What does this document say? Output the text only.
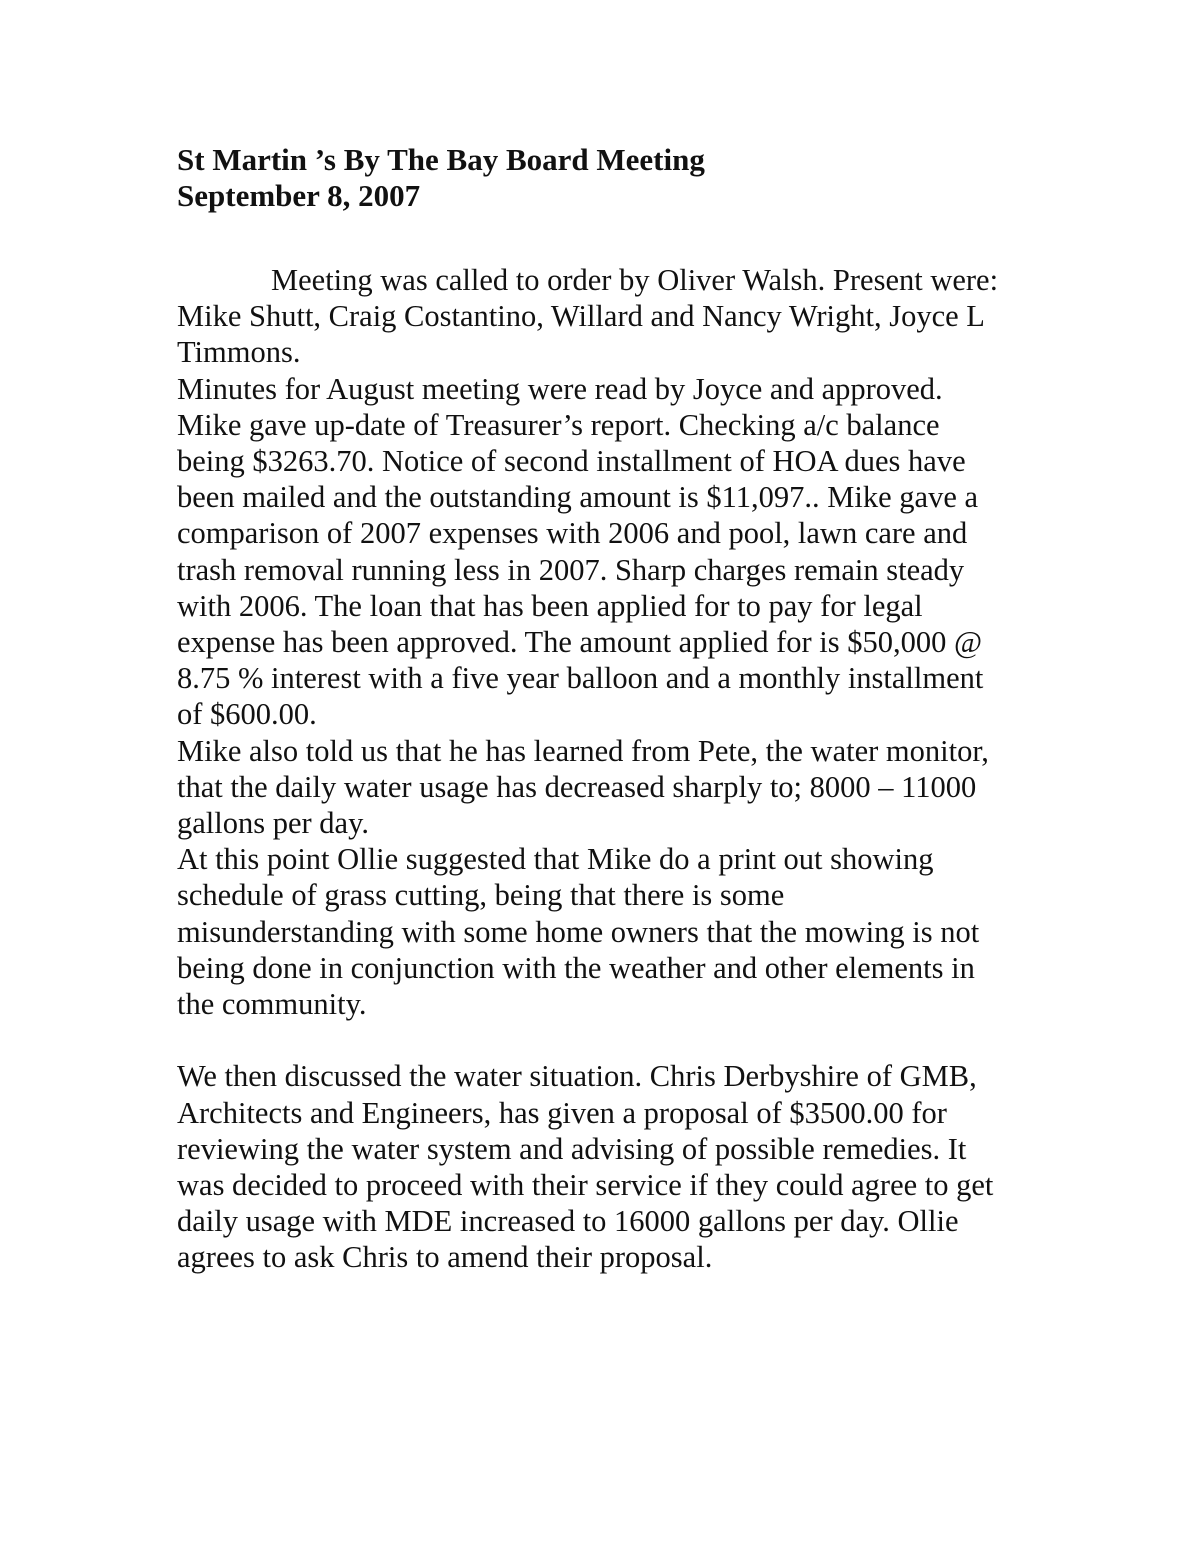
St Martin ’s By The Bay Board Meeting
September 8, 2007
Meeting was called to order by Oliver Walsh. Present were:
Mike Shutt, Craig Costantino, Willard and Nancy Wright, Joyce L
Timmons.
Minutes for August meeting were read by Joyce and approved.
Mike gave up-date of Treasurer’s report. Checking a/c balance
being $3263.70. Notice of second installment of HOA dues have
been mailed and the outstanding amount is $11,097.. Mike gave a
comparison of 2007 expenses with 2006 and pool, lawn care and
trash removal running less in 2007. Sharp charges remain steady
with 2006. The loan that has been applied for to pay for legal
expense has been approved. The amount applied for is $50,000 @
8.75 % interest with a five year balloon and a monthly installment
of $600.00.
Mike also told us that he has learned from Pete, the water monitor,
that the daily water usage has decreased sharply to; 8000 – 11000
gallons per day.
At this point Ollie suggested that Mike do a print out showing
schedule of grass cutting, being that there is some
misunderstanding with some home owners that the mowing is not
being done in conjunction with the weather and other elements in
the community.
We then discussed the water situation. Chris Derbyshire of GMB,
Architects and Engineers, has given a proposal of $3500.00 for
reviewing the water system and advising of possible remedies. It
was decided to proceed with their service if they could agree to get
daily usage with MDE increased to 16000 gallons per day. Ollie
agrees to ask Chris to amend their proposal.
